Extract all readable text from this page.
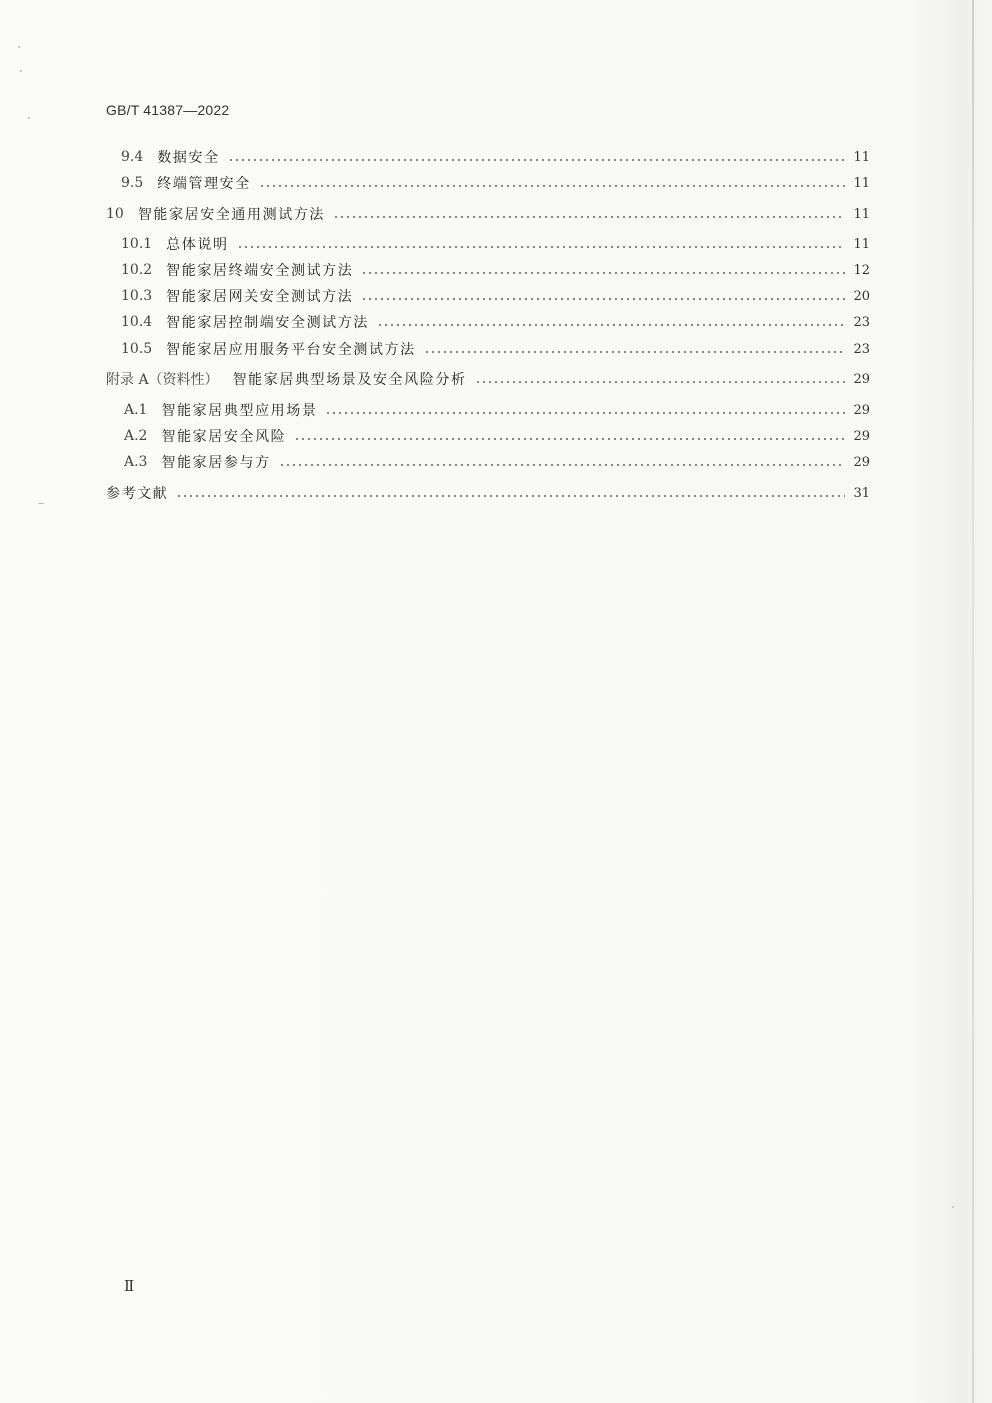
GB/T 41387—2022
9.4 数据安全	11
9.5 终端管理安全	11
10 智能家居安全通用测试方法	11
10.1 总体说明	11
10.2 智能家居终端安全测试方法	12
10.3 智能家居网关安全测试方法	20
10.4 智能家居控制端安全测试方法	23
10.5 智能家居应用服务平台安全测试方法	23
附录 A（资料性） 智能家居典型场景及安全风险分析	29
A.1 智能家居典型应用场景	29
A.2 智能家居安全风险	29
A.3 智能家居参与方	29
参考文献	31
Ⅱ
